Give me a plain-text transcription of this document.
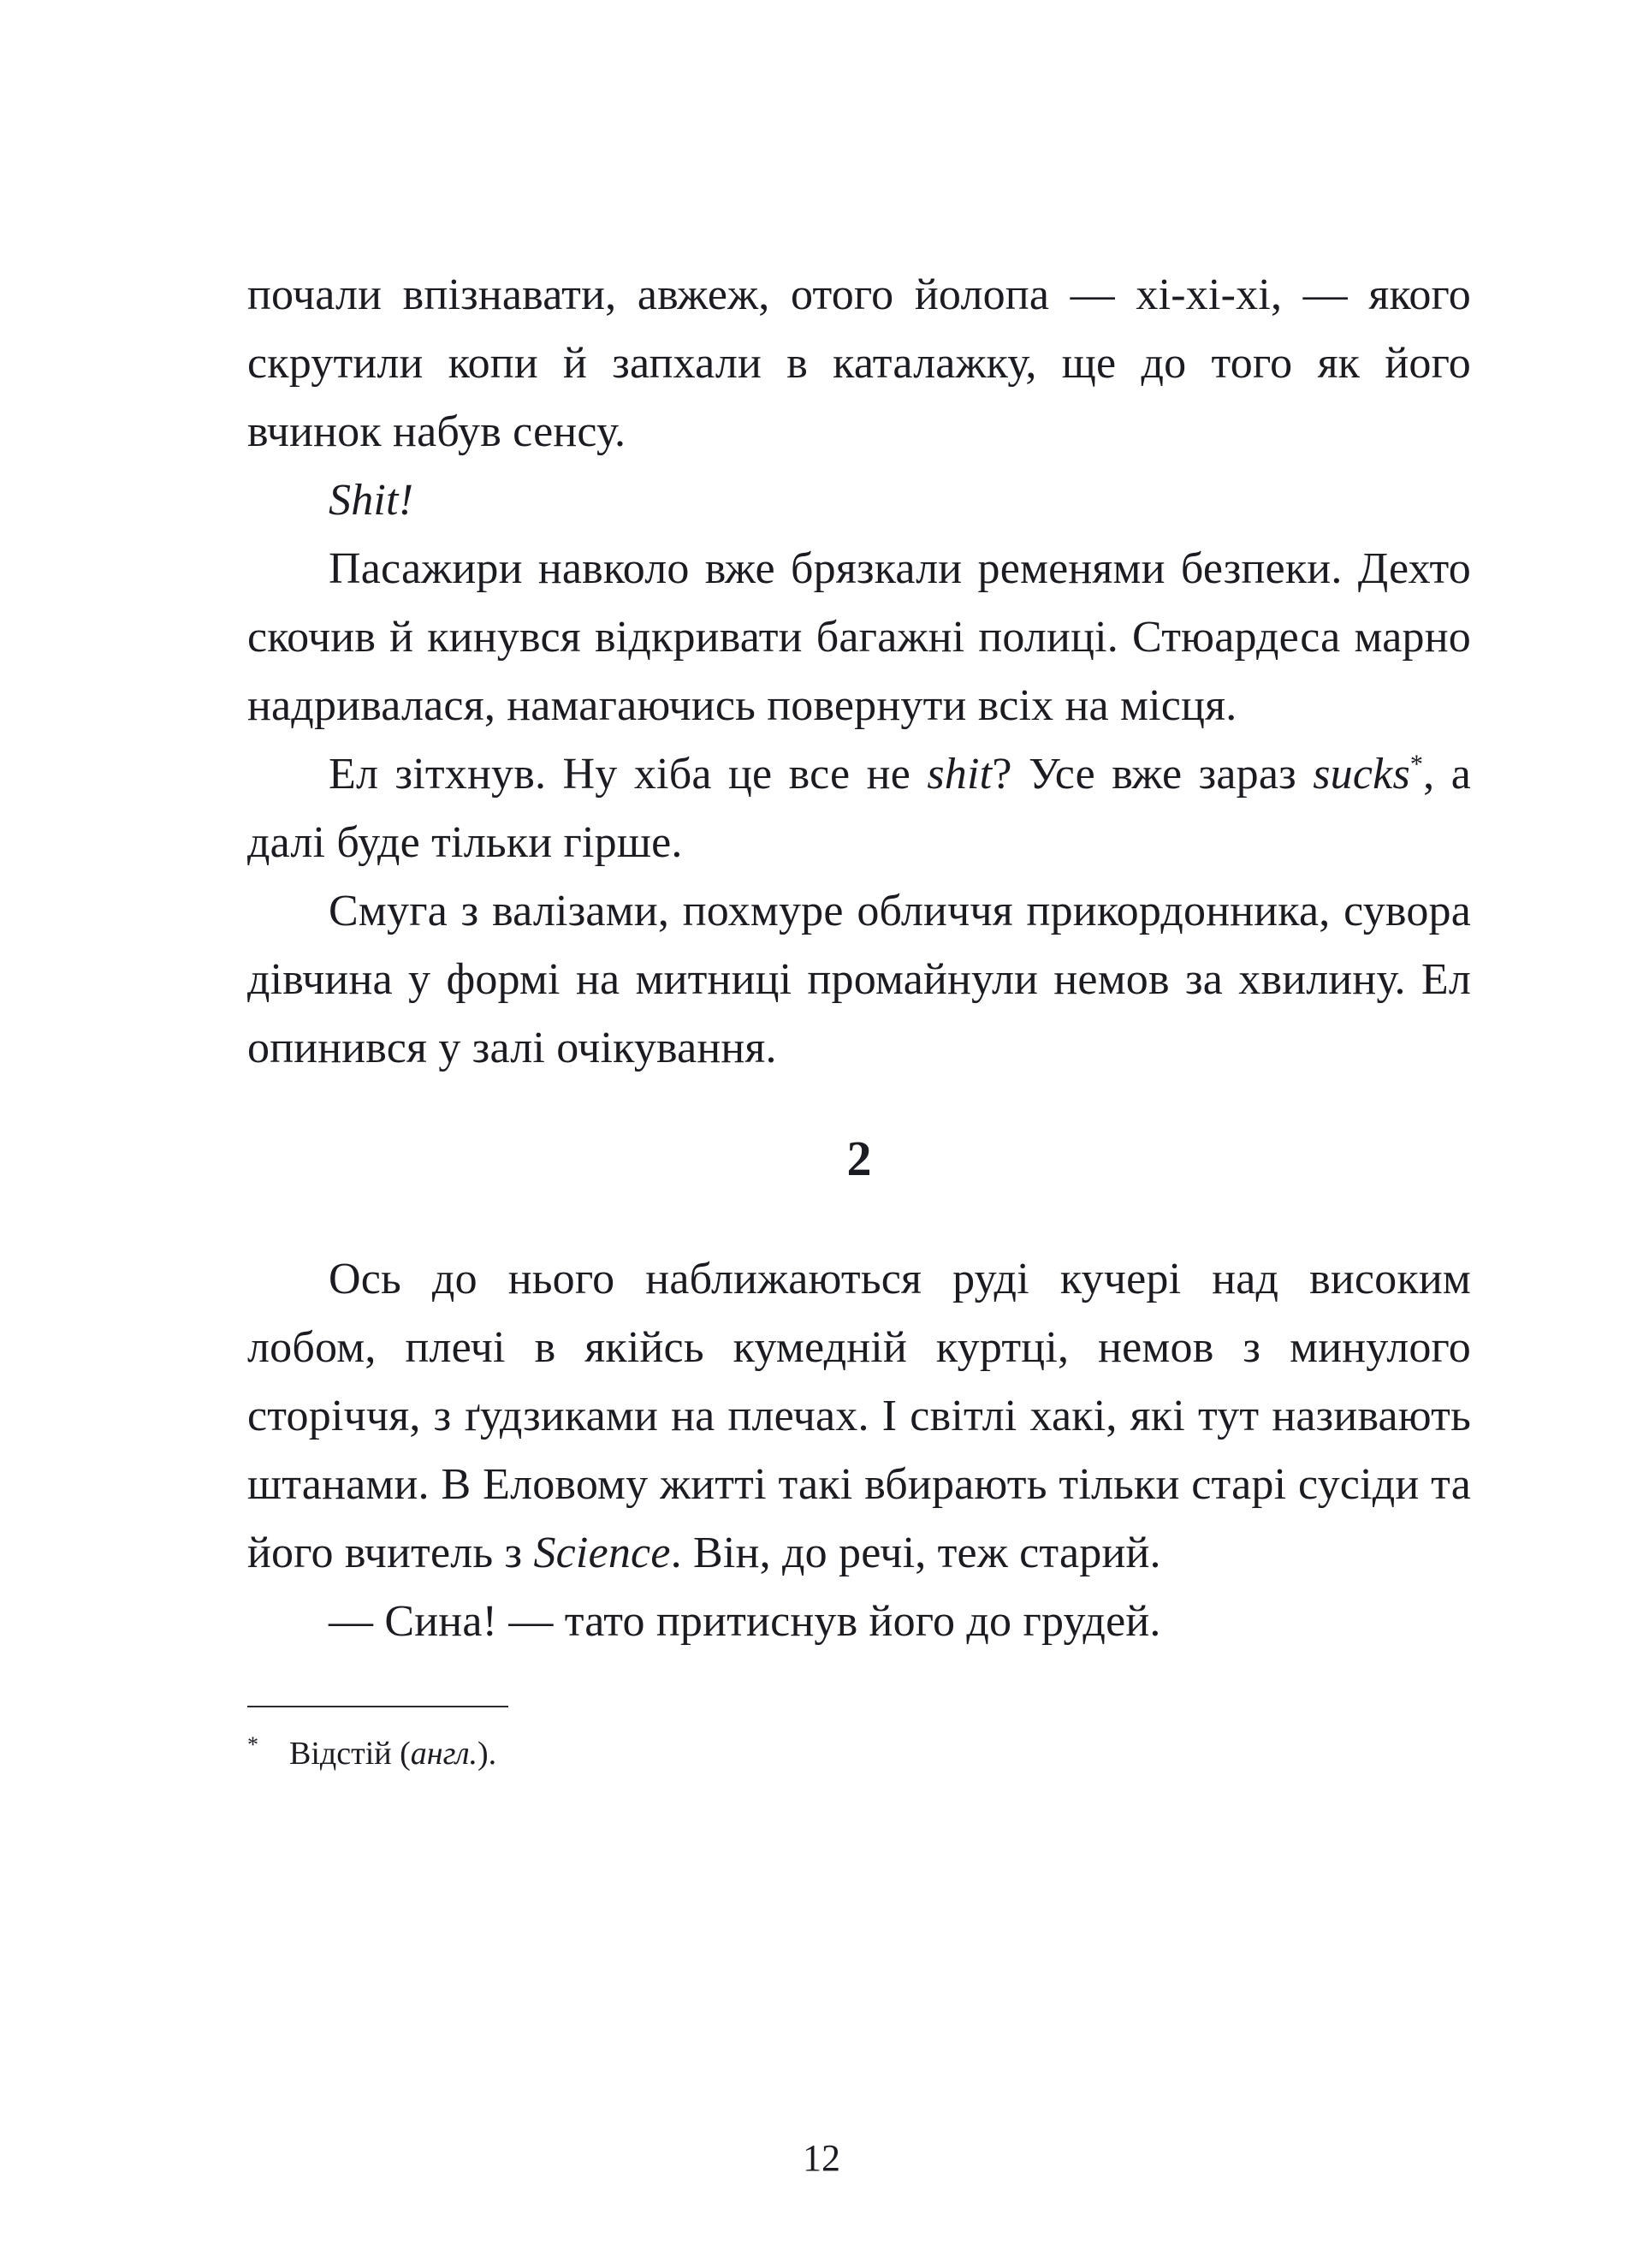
почали впізнавати, авжеж, отого йолопа — хі-хі-хі, — якого скрутили копи й запхали в каталажку, ще до того як його вчинок набув сенсу.

Shit!

Пасажири навколо вже брязкали ременями безпеки. Дехто скочив й кинувся відкривати багажні полиці. Стюардеса марно надривалася, намагаючись повернути всіх на місця.

Ел зітхнув. Ну хіба це все не shit? Усе вже зараз sucks*, а далі буде тільки гірше.

Смуга з валізами, похмуре обличчя прикордонника, сувора дівчина у формі на митниці промайнули немов за хвилину. Ел опинився у залі очікування.

2

Ось до нього наближаються руді кучері над високим лобом, плечі в якійсь кумедній куртці, немов з минулого сторіччя, з ґудзиками на плечах. І світлі хакі, які тут називають штанами. В Еловому житті такі вбирають тільки старі сусіди та його вчитель з Science. Він, до речі, теж старий.

— Сина! — тато притиснув його до грудей.

* Відстій (англ.).

12
